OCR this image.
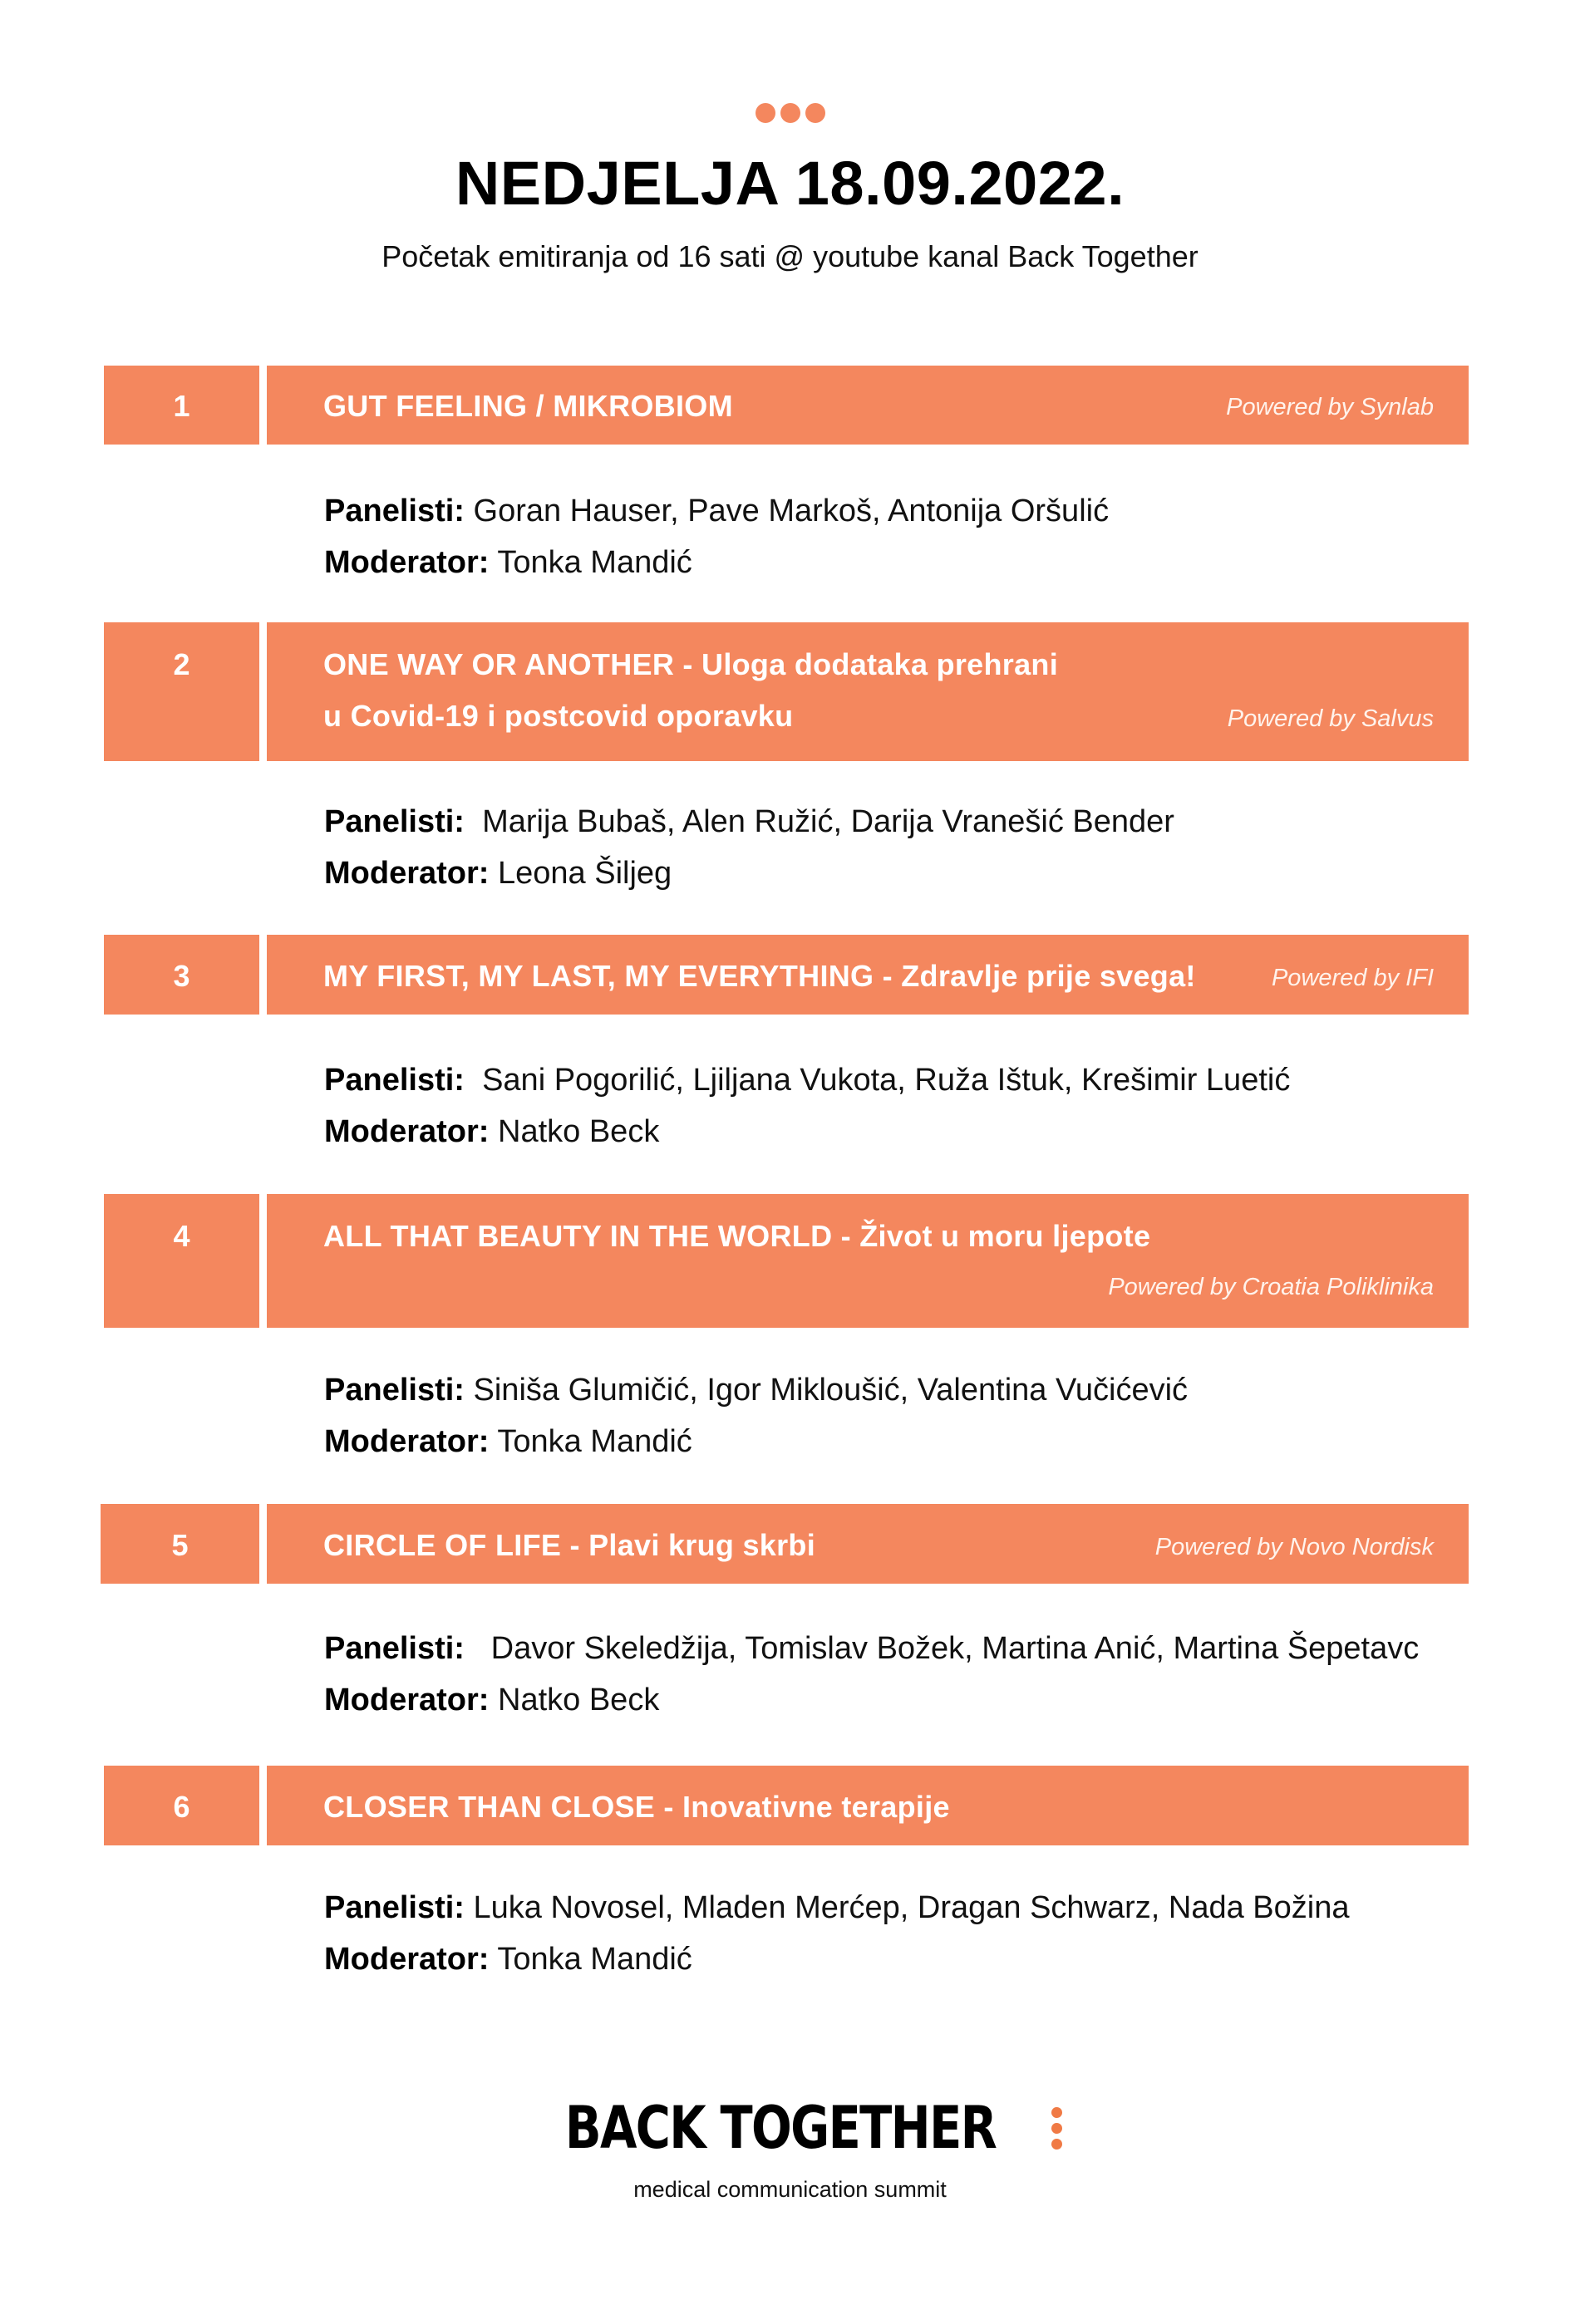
NEDJELJA 18.09.2022.
Početak emitiranja od 16 sati @ youtube kanal Back Together
1	GUT FEELING / MIKROBIOM	Powered by Synlab
Panelisti: Goran Hauser, Pave Markoš, Antonija Oršulić
Moderator: Tonka Mandić
2	ONE WAY OR ANOTHER - Uloga dodataka prehrani
u Covid-19 i postcovid oporavku	Powered by Salvus
Panelisti: Marija Bubaš, Alen Ružić, Darija Vranešić Bender
Moderator: Leona Šiljeg
3	MY FIRST, MY LAST, MY EVERYTHING - Zdravlje prije svega!	Powered by IFI
Panelisti: Sani Pogorilić, Ljiljana Vukota, Ruža Ištuk, Krešimir Luetić
Moderator: Natko Beck
4	ALL THAT BEAUTY IN THE WORLD - Život u moru ljepote
Powered by Croatia Poliklinika
Panelisti: Siniša Glumičić, Igor Mikloušić, Valentina Vučićević
Moderator: Tonka Mandić
5	CIRCLE OF LIFE - Plavi krug skrbi	Powered by Novo Nordisk
Panelisti: Davor Skeledžija, Tomislav Božek, Martina Anić, Martina Šepetavc
Moderator: Natko Beck
6	CLOSER THAN CLOSE - Inovativne terapije
Panelisti: Luka Novosel, Mladen Merćep, Dragan Schwarz, Nada Božina
Moderator: Tonka Mandić
BACK TOGETHER
medical communication summit
